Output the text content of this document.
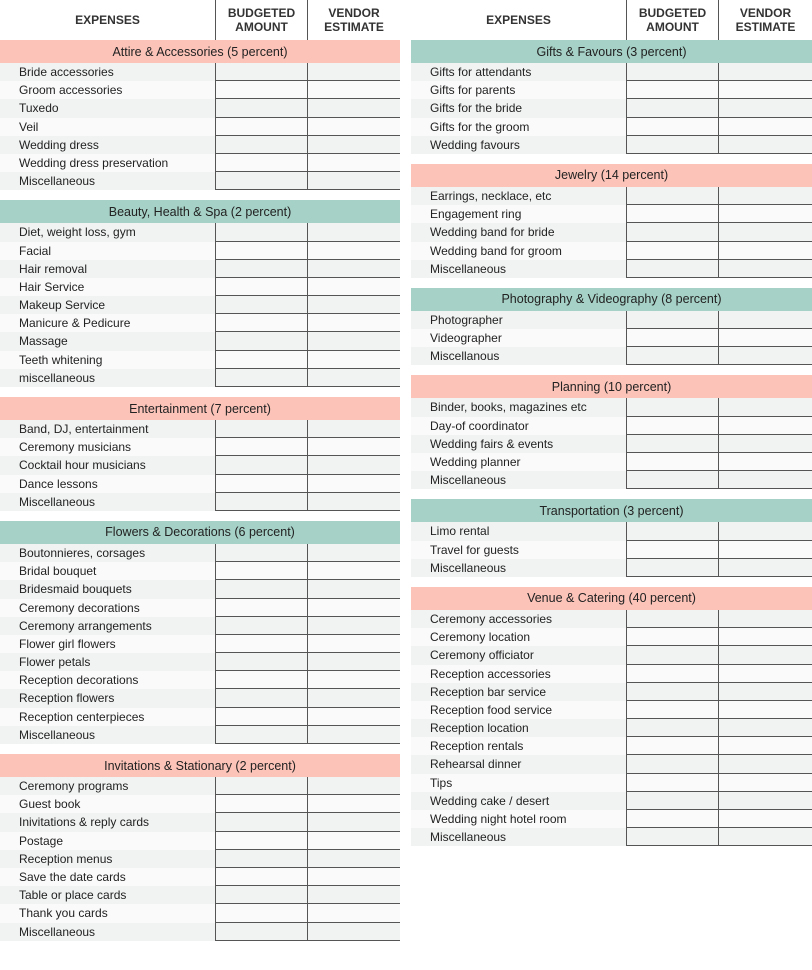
EXPENSES	BUDGETED AMOUNT
VENDOR ESTIMATE
Attire & Accessories (5 percent)
Bride accessories
Groom accessories
Tuxedo
Veil
Wedding dress
Wedding dress preservation
Miscellaneous
Beauty, Health & Spa (2 percent)
Diet, weight loss, gym
Facial
Hair removal
Hair Service
Makeup Service
Manicure & Pedicure
Massage
Teeth whitening
miscellaneous
Entertainment (7 percent)
Band, DJ, entertainment
Ceremony musicians
Cocktail hour musicians
Dance lessons
Miscellaneous
Flowers & Decorations (6 percent)
Boutonnieres, corsages
Bridal bouquet
Bridesmaid bouquets
Ceremony decorations
Ceremony arrangements
Flower girl flowers
Flower petals
Reception decorations
Reception flowers
Reception centerpieces
Miscellaneous
Invitations & Stationary (2 percent)
Ceremony programs
Guest book
Inivitations & reply cards
Postage
Reception menus
Save the date cards
Table or place cards
Thank you cards
Miscellaneous
EXPENSES	BUDGETED AMOUNT
VENDOR ESTIMATE
Gifts & Favours (3 percent)
Gifts for attendants
Gifts for parents
Gifts for the bride
Gifts for the groom
Wedding favours
Jewelry (14 percent)
Earrings, necklace, etc
Engagement ring
Wedding band for bride
Wedding band for groom
Miscellaneous
Photography & Videography (8 percent)
Photographer
Videographer
Miscellanous
Planning (10 percent)
Binder, books, magazines etc
Day-of coordinator
Wedding fairs & events
Wedding planner
Miscellaneous
Transportation (3 percent)
Limo rental
Travel for guests
Miscellaneous
Venue & Catering (40 percent)
Ceremony accessories
Ceremony location
Ceremony officiator
Reception accessories
Reception bar service
Reception food service
Reception location
Reception rentals
Rehearsal dinner
Tips
Wedding cake / desert
Wedding night hotel room
Miscellaneous
